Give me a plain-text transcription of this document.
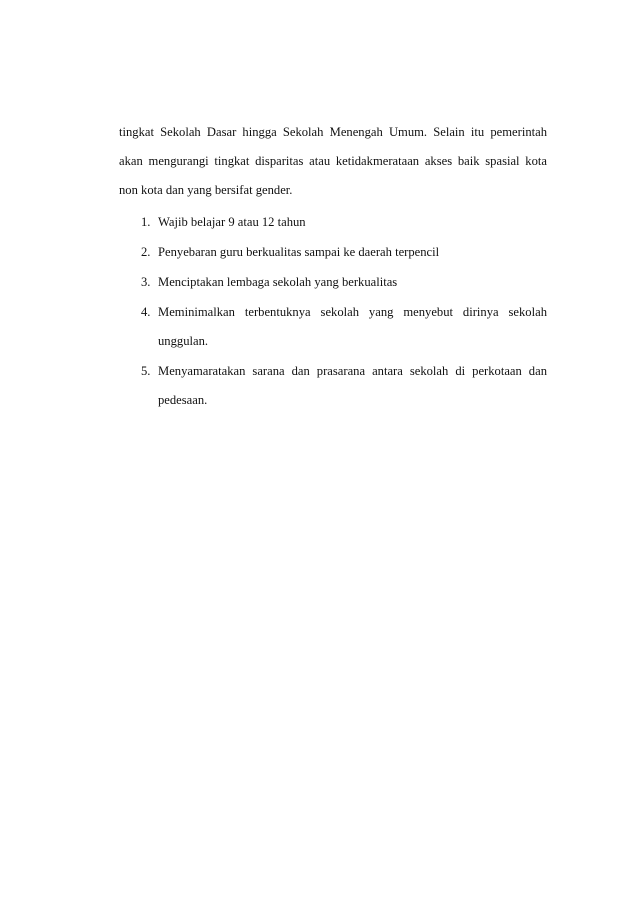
tingkat Sekolah Dasar hingga Sekolah Menengah Umum. Selain itu pemerintah
akan mengurangi tingkat disparitas atau ketidakmerataan akses baik spasial kota
non kota dan yang bersifat gender.
1. Wajib belajar 9 atau 12 tahun
2. Penyebaran guru berkualitas sampai ke daerah terpencil
3. Menciptakan lembaga sekolah yang berkualitas
4. Meminimalkan terbentuknya sekolah yang menyebut dirinya sekolah
unggulan.
5. Menyamaratakan sarana dan prasarana antara sekolah di perkotaan dan
pedesaan.
